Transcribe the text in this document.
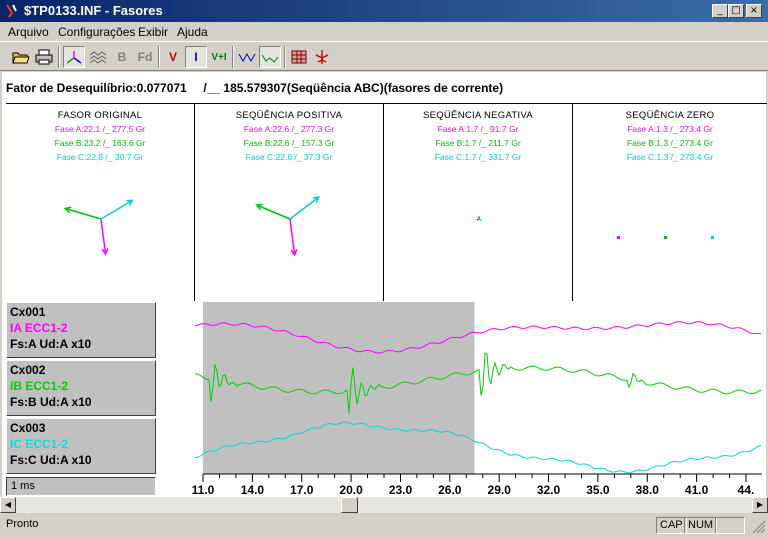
$TP0133.INF - Fasores	_ □ ×
Arquivo Configurações Exibir Ajuda
B Fd	V	I	V+I
Fator de Desequilíbrio:0.077071     /__ 185.579307(Seqüência ABC)(fasores de corrente)
FASOR ORIGINAL
Fase A:22.1 /_ 277.5 Gr
Fase B:23.2 /_ 163.6 Gr
Fase C:22.8 /_ 30.7 Gr
SEQÜÊNCIA POSITIVA
Fase A:22.6 /_ 277.3 Gr
Fase B:22.6 /_ 157.3 Gr
Fase C:22.6 /_ 37.3 Gr
SEQÜÊNCIA NEGATIVA
Fase A:1.7 /_ 91.7 Gr
Fase B:1.7 /_ 211.7 Gr
Fase C:1.7 /_ 331.7 Gr
SEQÜÊNCIA ZERO
Fase A:1.3 /_ 273.4 Gr
Fase B:1.3 /_ 273.4 Gr
Fase C:1.3 /_ 273.4 Gr
Cx001
IA ECC1-2
Fs:A Ud:A x10
Cx002
IB ECC1-2
Fs:B Ud:A x10
Cx003
IC ECC1-2
Fs:C Ud:A x10
1 ms	11.0 14.0 17.0 20.0 23.0 26.0 29.0 32.0 35.0 38.0 41.0 44.
◀	▶
Pronto	CAP NUM
